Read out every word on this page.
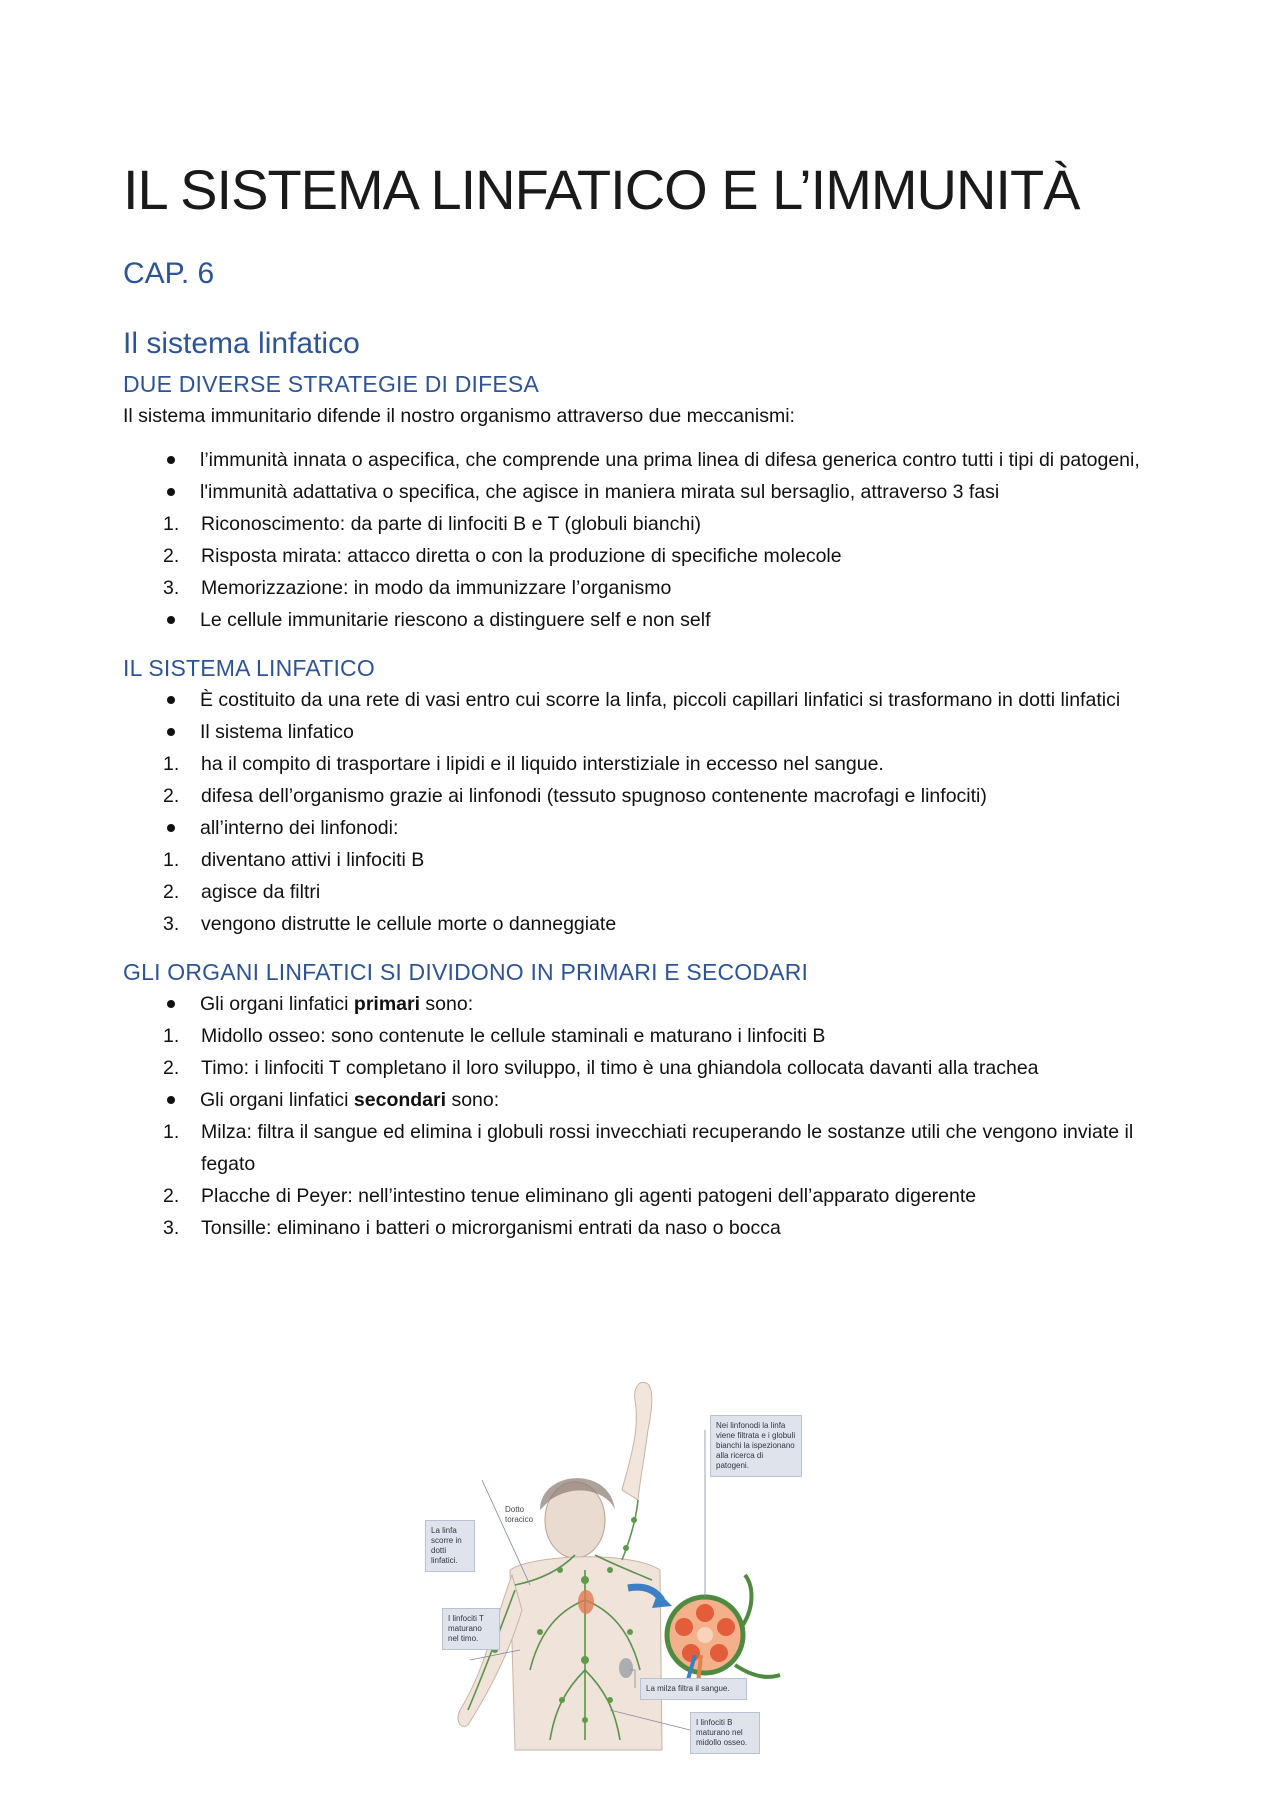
IL SISTEMA LINFATICO E L’IMMUNITÀ
CAP. 6
Il sistema linfatico
DUE DIVERSE STRATEGIE DI DIFESA

Il sistema immunitario difende il nostro organismo attraverso due meccanismi:

l’immunità innata o aspecifica, che comprende una prima linea di difesa generica contro tutti i tipi di patogeni,
l'immunità adattativa o specifica, che agisce in maniera mirata sul bersaglio, attraverso 3 fasi
1. Riconoscimento: da parte di linfociti B e T (globuli bianchi)
2. Risposta mirata: attacco diretta o con la produzione di specifiche molecole
3. Memorizzazione: in modo da immunizzare l’organismo
Le cellule immunitarie riescono a distinguere self e non self
IL SISTEMA LINFATICO
È costituito da una rete di vasi entro cui scorre la linfa, piccoli capillari linfatici si trasformano in dotti linfatici
Il sistema linfatico
1. ha il compito di trasportare i lipidi e il liquido interstiziale in eccesso nel sangue.
2. difesa dell’organismo grazie ai linfonodi (tessuto spugnoso contenente macrofagi e linfociti)
all’interno dei linfonodi:
1. diventano attivi i linfociti B
2. agisce da filtri
3. vengono distrutte le cellule morte o danneggiate
GLI ORGANI LINFATICI SI DIVIDONO IN PRIMARI E SECODARI
Gli organi linfatici primari sono:
1. Midollo osseo: sono contenute le cellule staminali e maturano i linfociti B
2. Timo: i linfociti T completano il loro sviluppo, il timo è una ghiandola collocata davanti alla trachea
Gli organi linfatici secondari sono:
1. Milza: filtra il sangue ed elimina i globuli rossi invecchiati recuperando le sostanze utili che vengono inviate il fegato
2. Placche di Peyer: nell’intestino tenue eliminano gli agenti patogeni dell’apparato digerente
3. Tonsille: eliminano i batteri o microrganismi entrati da naso o bocca
Nei linfonodi la linfa viene filtrata e i globuli bianchi la ispezionano alla ricerca di patogeni.
La linfa scorre in dotti linfatici.
Dotto toracico
I linfociti T maturano nel timo.
La milza filtra il sangue.
I linfociti B maturano nel midollo osseo.
